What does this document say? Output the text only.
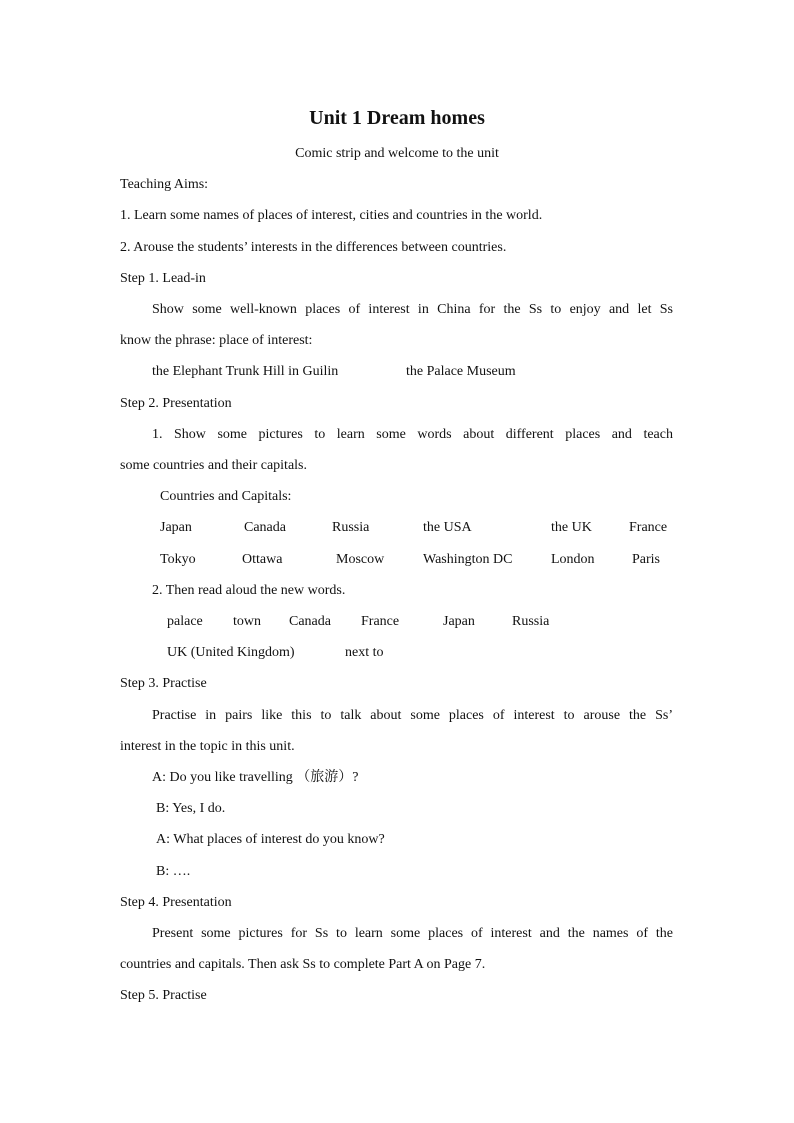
Unit 1 Dream homes
Comic strip and welcome to the unit
Teaching Aims:
1. Learn some names of places of interest, cities and countries in the world.
2. Arouse the students’ interests in the differences between countries.
Step 1. Lead-in
Show some well-known places of interest in China for the Ss to enjoy and let Ss
know the phrase: place of interest:
the Elephant Trunk Hill in Guilin	the Palace Museum
Step 2. Presentation
1. Show some pictures to learn some words about different places and teach
some countries and their capitals.
Countries and Capitals:
Japan	Canada	Russia	the USA	the UK	France
Tokyo	Ottawa	Moscow	Washington DC	London	Paris
2. Then read aloud the new words.
palace town Canada France	Japan	Russia
UK (United Kingdom)	next to
Step 3. Practise
Practise in pairs like this to talk about some places of interest to arouse the Ss’
interest in the topic in this unit.
A: Do you like travelling （旅游）?
B: Yes, I do.
A: What places of interest do you know?
B: ….
Step 4. Presentation
Present some pictures for Ss to learn some places of interest and the names of the
countries and capitals. Then ask Ss to complete Part A on Page 7.
Step 5. Practise
